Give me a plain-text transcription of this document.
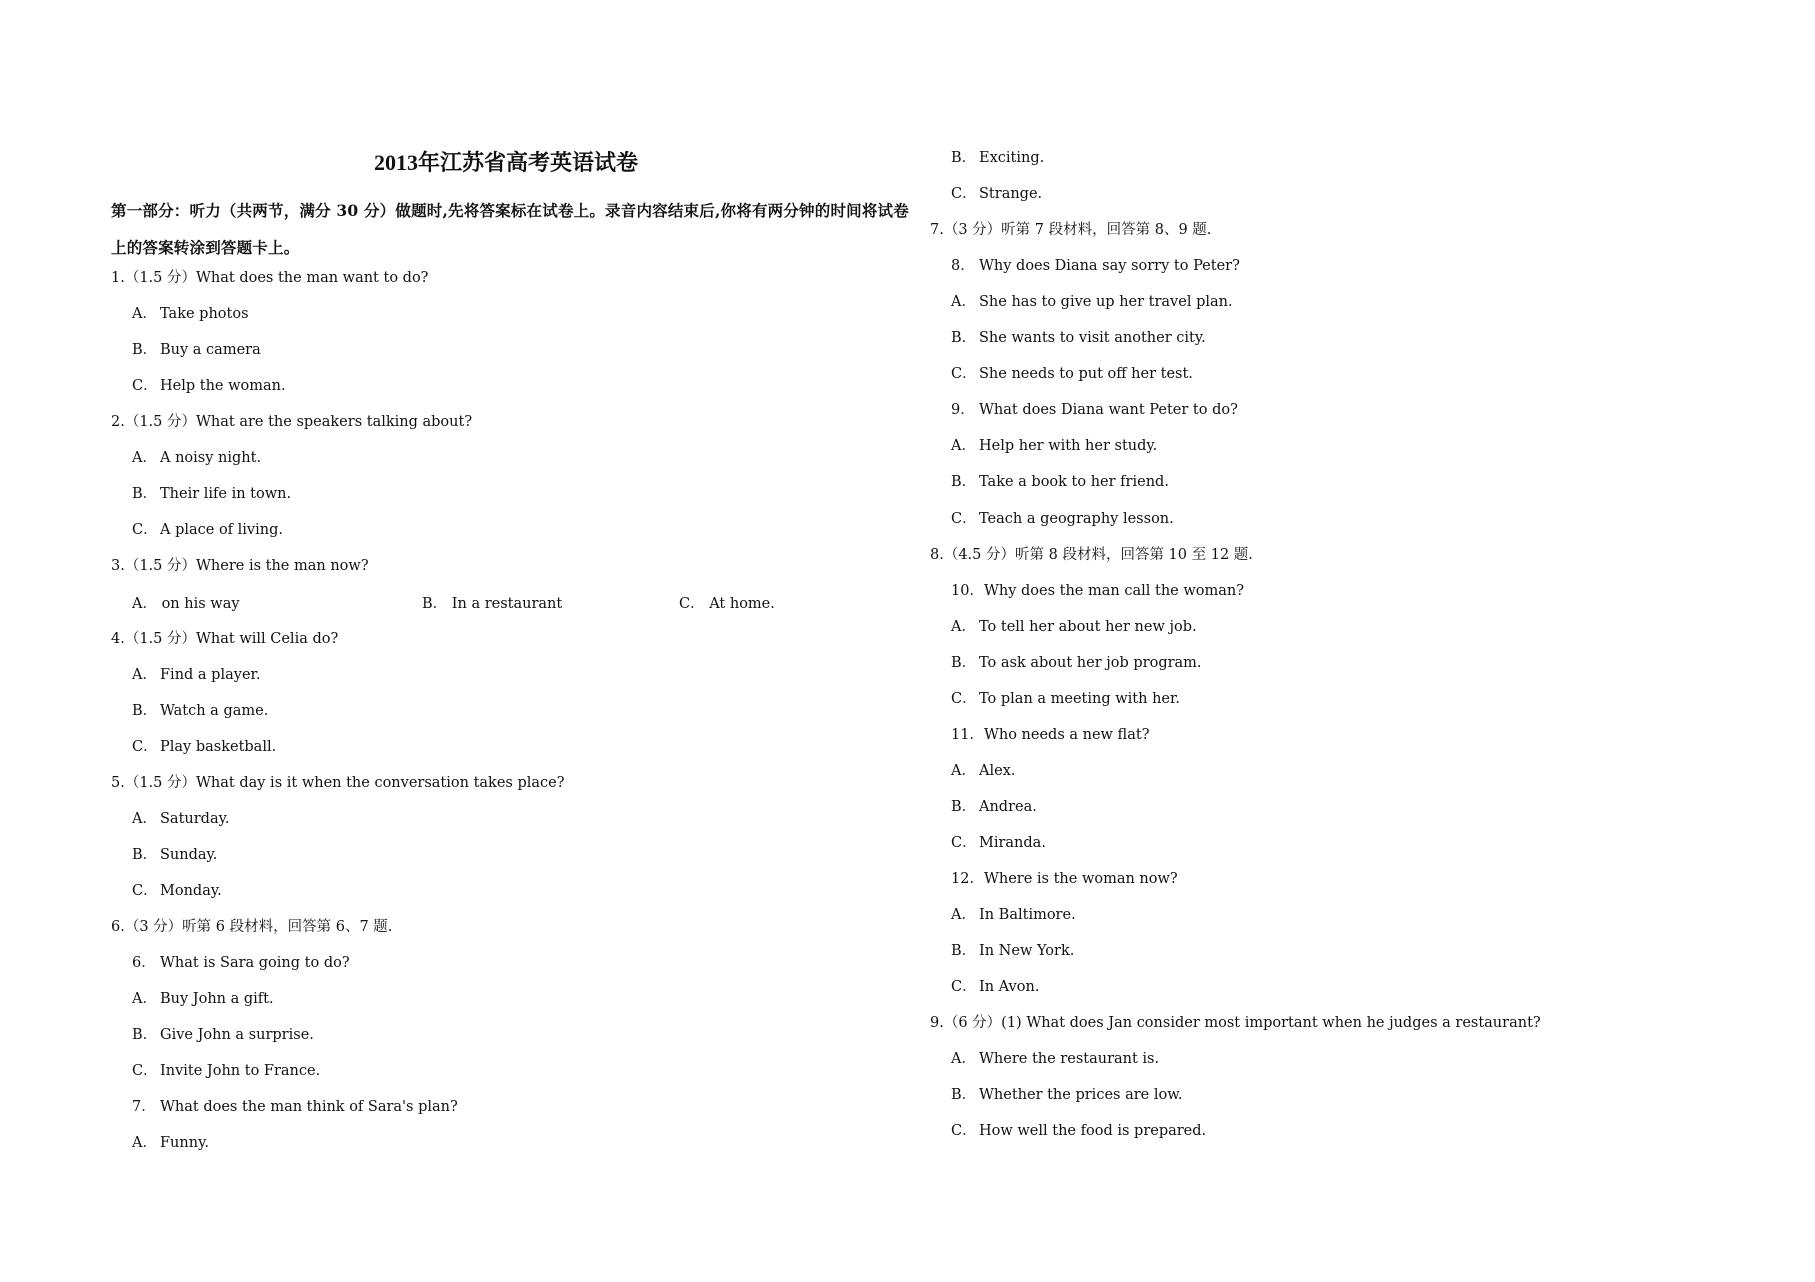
2013年江苏省高考英语试卷
第一部分：听力（共两节，满分 30 分）做题时,先将答案标在试卷上。录音内容结束后,你将有两分钟的时间将试卷上的答案转涂到答题卡上。
1.（1.5 分）What does the man want to do?
A． Take photos
B． Buy a camera
C． Help the woman.
2.（1.5 分）What are the speakers talking about?
A． A noisy night.
B． Their life in town.
C． A place of living.
3.（1.5 分）Where is the man now?
A． on his way	B． In a restaurant	C． At home.
4.（1.5 分）What will Celia do?
A． Find a player.
B． Watch a game.
C． Play basketball.
5.（1.5 分）What day is it when the conversation takes place?
A． Saturday.
B． Sunday.
C． Monday.
6.（3 分）听第 6 段材料，回答第 6、7 题.
6． What is Sara going to do?
A． Buy John a gift.
B． Give John a surprise.
C． Invite John to France.
7． What does the man think of Sara's plan?
A． Funny.
B． Exciting.
C． Strange.
7.（3 分）听第 7 段材料，回答第 8、9 题.
8． Why does Diana say sorry to Peter?
A． She has to give up her travel plan.
B． She wants to visit another city.
C． She needs to put off her test.
9． What does Diana want Peter to do?
A． Help her with her study.
B． Take a book to her friend.
C． Teach a geography lesson.
8.（4.5 分）听第 8 段材料，回答第 10 至 12 题.
10．Why does the man call the woman?
A． To tell her about her new job.
B． To ask about her job program.
C． To plan a meeting with her.
11．Who needs a new flat?
A． Alex.
B． Andrea.
C． Miranda.
12．Where is the woman now?
A． In Baltimore.
B． In New York.
C． In Avon.
9.（6 分）(1) What does Jan consider most important when he judges a restaurant?
A． Where the restaurant is.
B． Whether the prices are low.
C． How well the food is prepared.
